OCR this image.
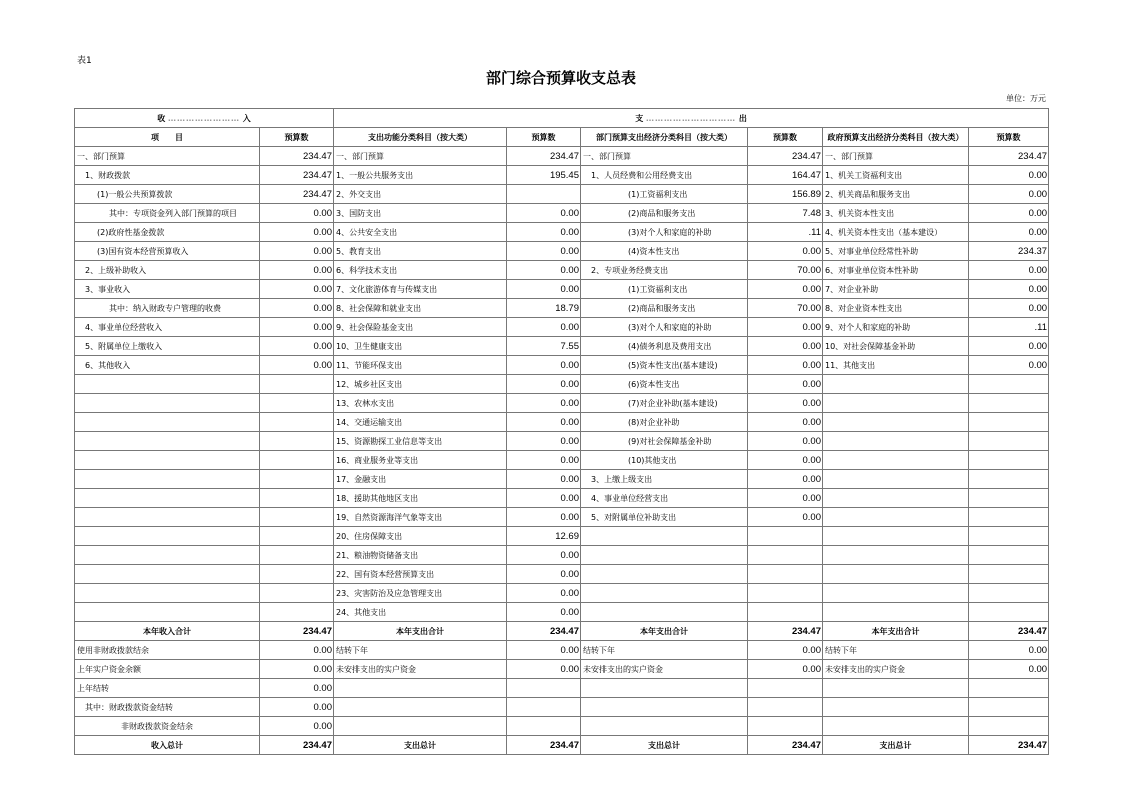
表1
部门综合预算收支总表
单位：万元
收 …………………… 入		支 ………………………… 出					
项　　目	预算数	支出功能分类科目（按大类）	预算数	部门预算支出经济分类科目（按大类）	预算数	政府预算支出经济分类科目（按大类）	预算数
一、部门预算	234.47	一、部门预算	234.47	一、部门预算	234.47	一、部门预算	234.47
1、财政拨款	234.47	1、一般公共服务支出	195.45	1、人员经费和公用经费支出	164.47	1、机关工资福利支出	0.00
(1)一般公共预算拨款	234.47	2、外交支出		(1)工资福利支出	156.89	2、机关商品和服务支出	0.00
其中：专项资金列入部门预算的项目	0.00	3、国防支出	0.00	(2)商品和服务支出	7.48	3、机关资本性支出	0.00
(2)政府性基金拨款	0.00	4、公共安全支出	0.00	(3)对个人和家庭的补助	.11	4、机关资本性支出（基本建设）	0.00
(3)国有资本经营预算收入	0.00	5、教育支出	0.00	(4)资本性支出	0.00	5、对事业单位经常性补助	234.37
2、上级补助收入	0.00	6、科学技术支出	0.00	2、专项业务经费支出	70.00	6、对事业单位资本性补助	0.00
3、事业收入	0.00	7、文化旅游体育与传媒支出	0.00	(1)工资福利支出	0.00	7、对企业补助	0.00
其中：纳入财政专户管理的收费	0.00	8、社会保障和就业支出	18.79	(2)商品和服务支出	70.00	8、对企业资本性支出	0.00
4、事业单位经营收入	0.00	9、社会保险基金支出	0.00	(3)对个人和家庭的补助	0.00	9、对个人和家庭的补助	.11
5、附属单位上缴收入	0.00	10、卫生健康支出	7.55	(4)债务利息及费用支出	0.00	10、对社会保障基金补助	0.00
6、其他收入	0.00	11、节能环保支出	0.00	(5)资本性支出(基本建设)	0.00	11、其他支出	0.00
		12、城乡社区支出	0.00	(6)资本性支出	0.00		
		13、农林水支出	0.00	(7)对企业补助(基本建设)	0.00		
		14、交通运输支出	0.00	(8)对企业补助	0.00		
		15、资源勘探工业信息等支出	0.00	(9)对社会保障基金补助	0.00		
		16、商业服务业等支出	0.00	(10)其他支出	0.00		
		17、金融支出	0.00	3、上缴上级支出	0.00		
		18、援助其他地区支出	0.00	4、事业单位经营支出	0.00		
		19、自然资源海洋气象等支出	0.00	5、对附属单位补助支出	0.00		
		20、住房保障支出	12.69				
		21、粮油物资储备支出	0.00				
		22、国有资本经营预算支出	0.00				
		23、灾害防治及应急管理支出	0.00				
		24、其他支出	0.00				
本年收入合计	234.47	本年支出合计	234.47	本年支出合计	234.47	本年支出合计	234.47
使用非财政拨款结余	0.00	结转下年	0.00	结转下年	0.00	结转下年	0.00
上年实户资金余额	0.00	未安排支出的实户资金	0.00	未安排支出的实户资金	0.00	未安排支出的实户资金	0.00
上年结转	0.00						
其中：财政拨款资金结转	0.00						
非财政拨款资金结余	0.00						
收入总计	234.47	支出总计	234.47	支出总计	234.47	支出总计	234.47
